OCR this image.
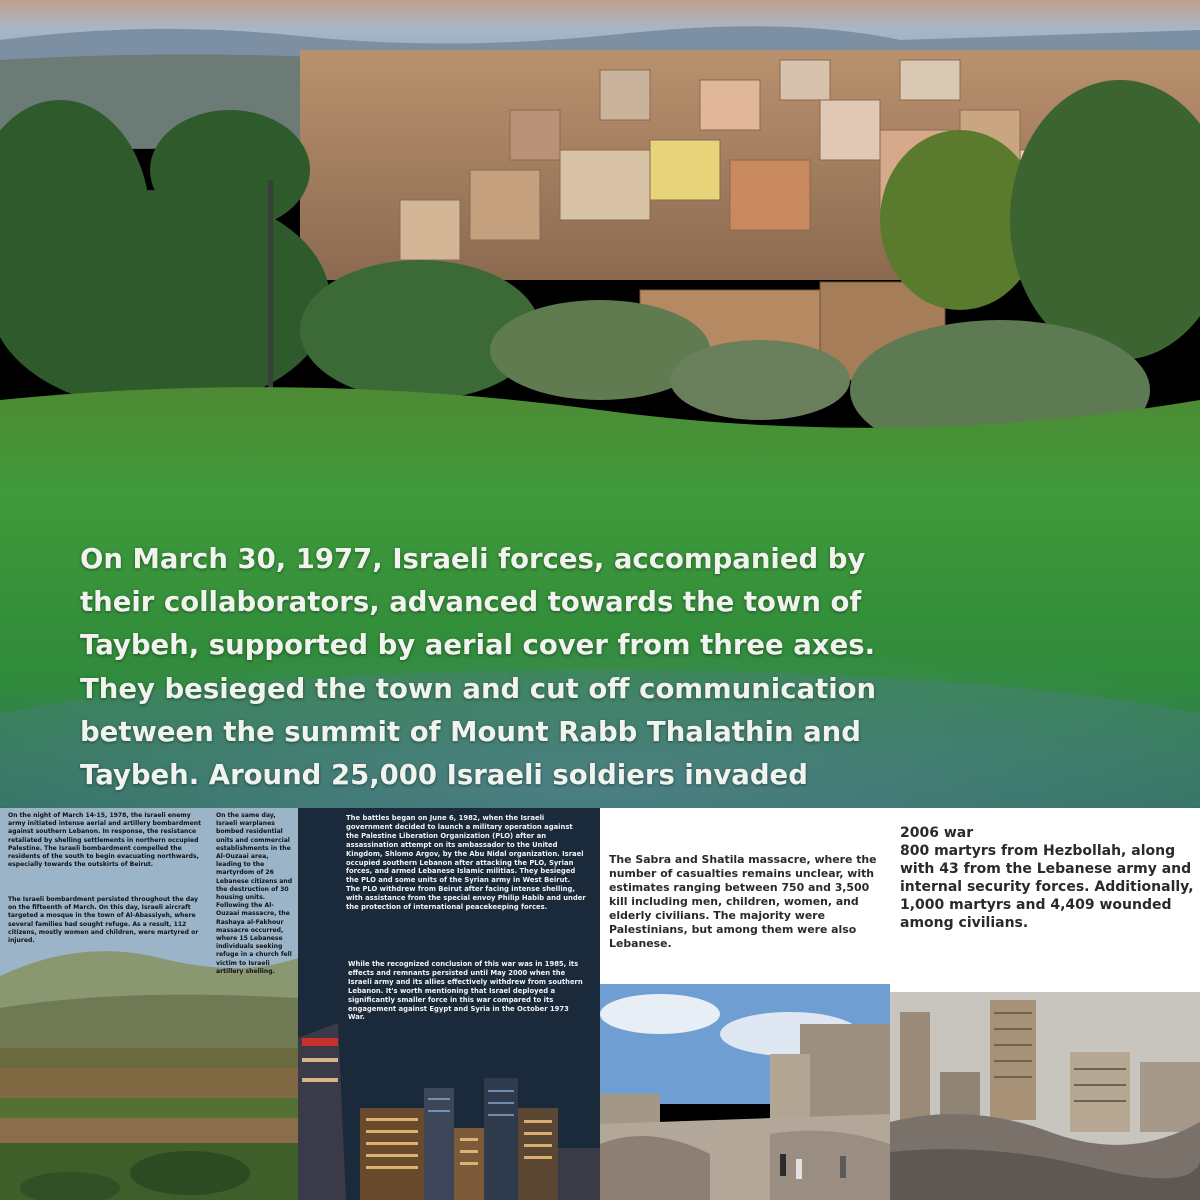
On March 30, 1977, Israeli forces, accompanied by
their collaborators, advanced towards the town of
Taybeh, supported by aerial cover from three axes.
They besieged the town and cut off communication
between the summit of Mount Rabb Thalathin and
Taybeh. Around 25,000 Israeli soldiers invaded
On the night of March 14-15, 1978, the Israeli enemy army initiated intense aerial and artillery bombardment against southern Lebanon. In response, the resistance retaliated by shelling settlements in northern occupied Palestine. The Israeli bombardment compelled the residents of the south to begin evacuating northwards, especially towards the outskirts of Beirut.
The Israeli bombardment persisted throughout the day on the fifteenth of March. On this day, Israeli aircraft targeted a mosque in the town of Al-Abassiyeh, where several families had sought refuge. As a result, 112 citizens, mostly women and children, were martyred or injured.
On the same day, Israeli warplanes bombed residential units and commercial establishments in the Al-Ouzaai area, leading to the martyrdom of 26 Lebanese citizens and the destruction of 30 housing units. Following the Al-Ouzaai massacre, the Rashaya al-Fakhour massacre occurred, where 15 Lebanese individuals seeking refuge in a church fell victim to Israeli artillery shelling.
The battles began on June 6, 1982, when the Israeli government decided to launch a military operation against the Palestine Liberation Organization (PLO) after an assassination attempt on its ambassador to the United Kingdom, Shlomo Argov, by the Abu Nidal organization. Israel occupied southern Lebanon after attacking the PLO, Syrian forces, and armed Lebanese Islamic militias. They besieged the PLO and some units of the Syrian army in West Beirut. The PLO withdrew from Beirut after facing intense shelling, with assistance from the special envoy Philip Habib and under the protection of international peacekeeping forces.
While the recognized conclusion of this war was in 1985, its effects and remnants persisted until May 2000 when the Israeli army and its allies effectively withdrew from southern Lebanon. It's worth mentioning that Israel deployed a significantly smaller force in this war compared to its engagement against Egypt and Syria in the October 1973 War.
The Sabra and Shatila massacre, where the number of casualties remains unclear, with estimates ranging between 750 and 3,500 kill including men, children, women, and elderly civilians. The majority were Palestinians, but among them were also Lebanese.
2006 war
800 martyrs from Hezbollah, along with 43 from the Lebanese army and internal security forces. Additionally, 1,000 martyrs and 4,409 wounded among civilians.
